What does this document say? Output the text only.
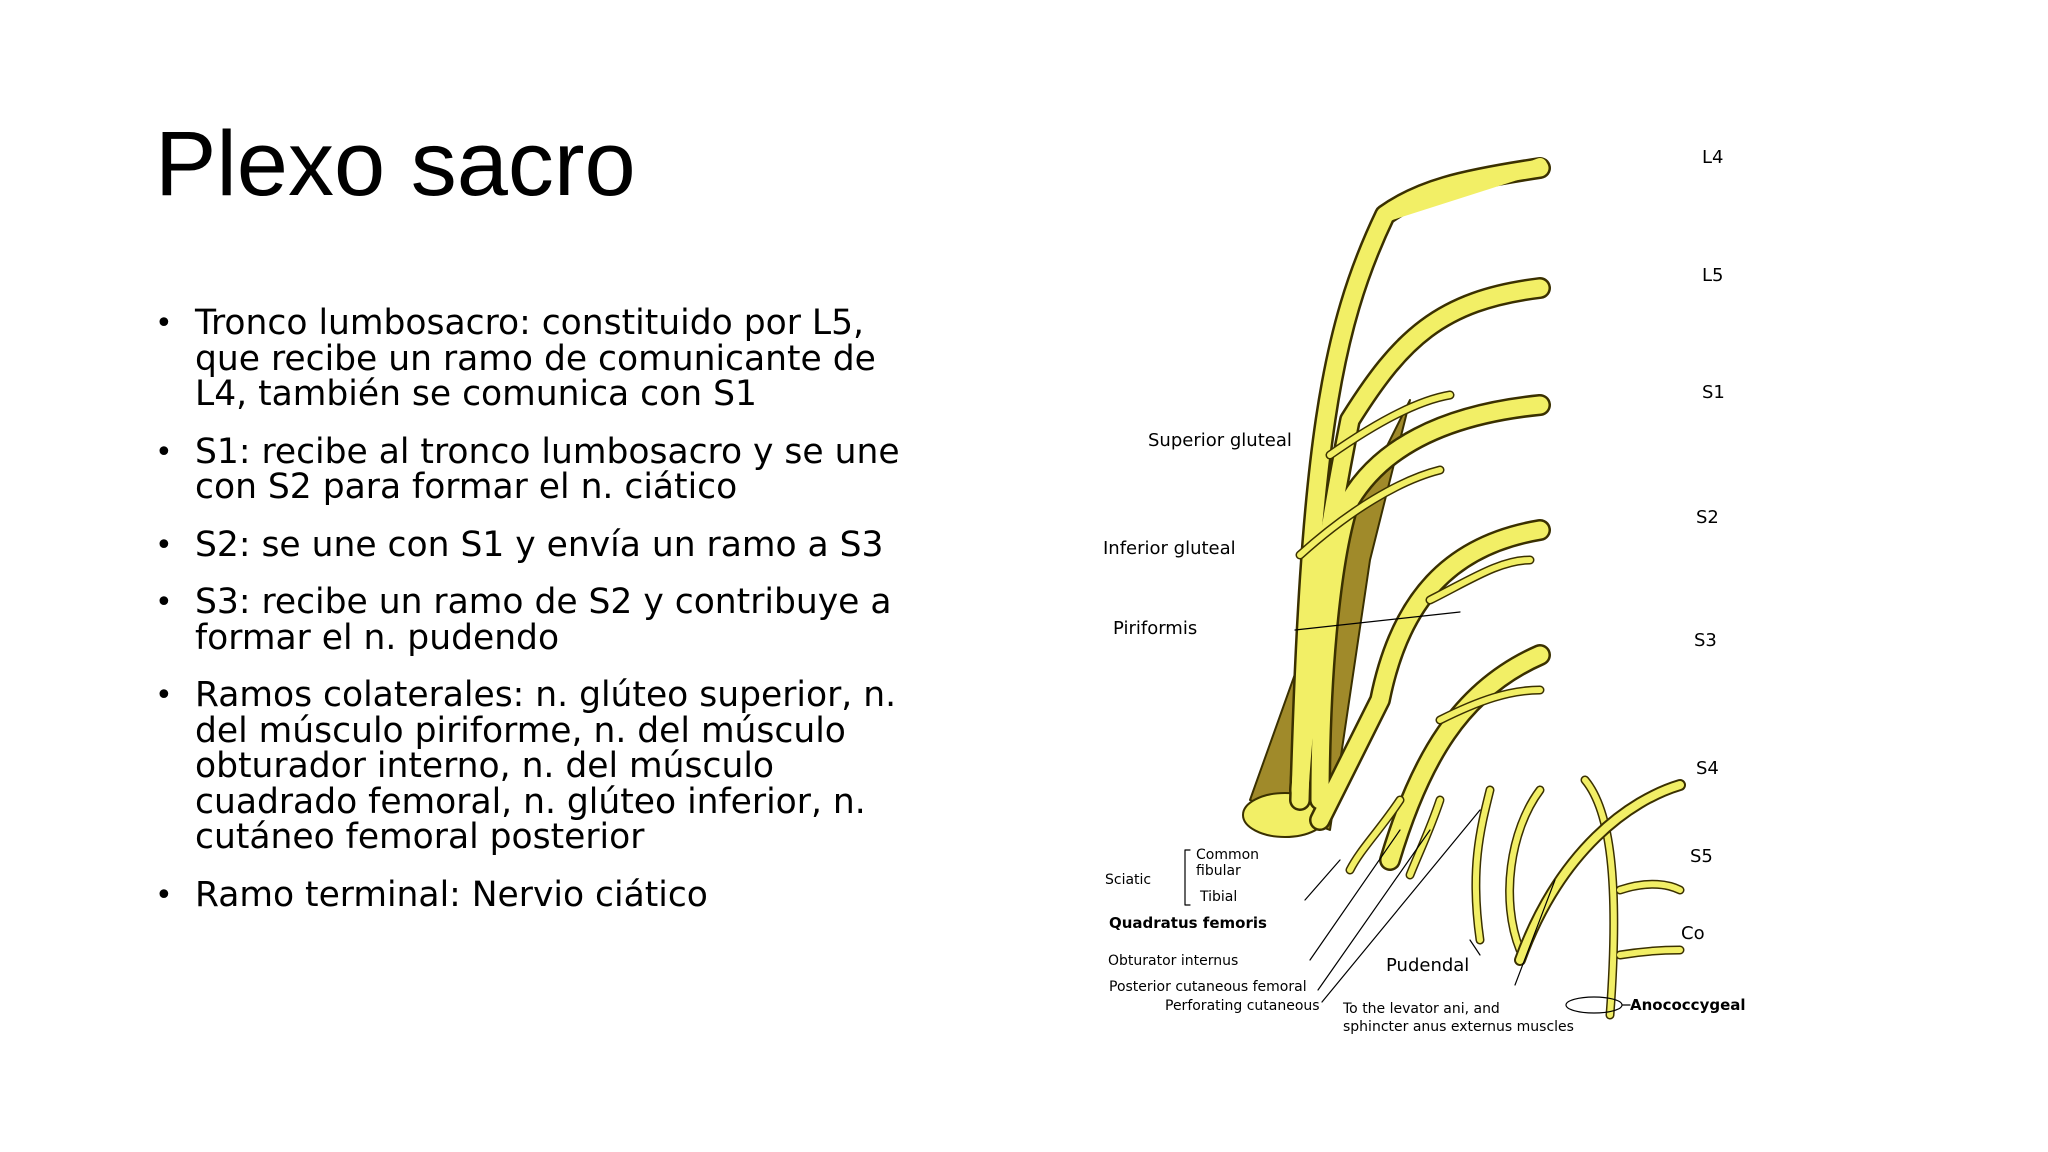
Plexo sacro
• Tronco lumbosacro: constituido por L5, que recibe un ramo de comunicante de L4, también se comunica con S1
• S1: recibe al tronco lumbosacro y se une con S2 para formar el n. ciático
• S2: se une con S1 y envía un ramo a S3
• S3: recibe un ramo de S2 y contribuye a formar el n. pudendo
• Ramos colaterales: n. glúteo superior, n. del músculo piriforme, n. del músculo obturador interno, n. del músculo cuadrado femoral, n. glúteo inferior, n. cutáneo femoral posterior
• Ramo terminal: Nervio ciático
L4
L5
S1
S2
S3
S4
S5
Co
Superior gluteal
Inferior gluteal
Piriformis
Sciatic
Common
fibular
Tibial
Quadratus femoris
Obturator internus
Posterior cutaneous femoral
Perforating cutaneous
Pudendal
To the levator ani, and
sphincter anus externus muscles
Anococcygeal
